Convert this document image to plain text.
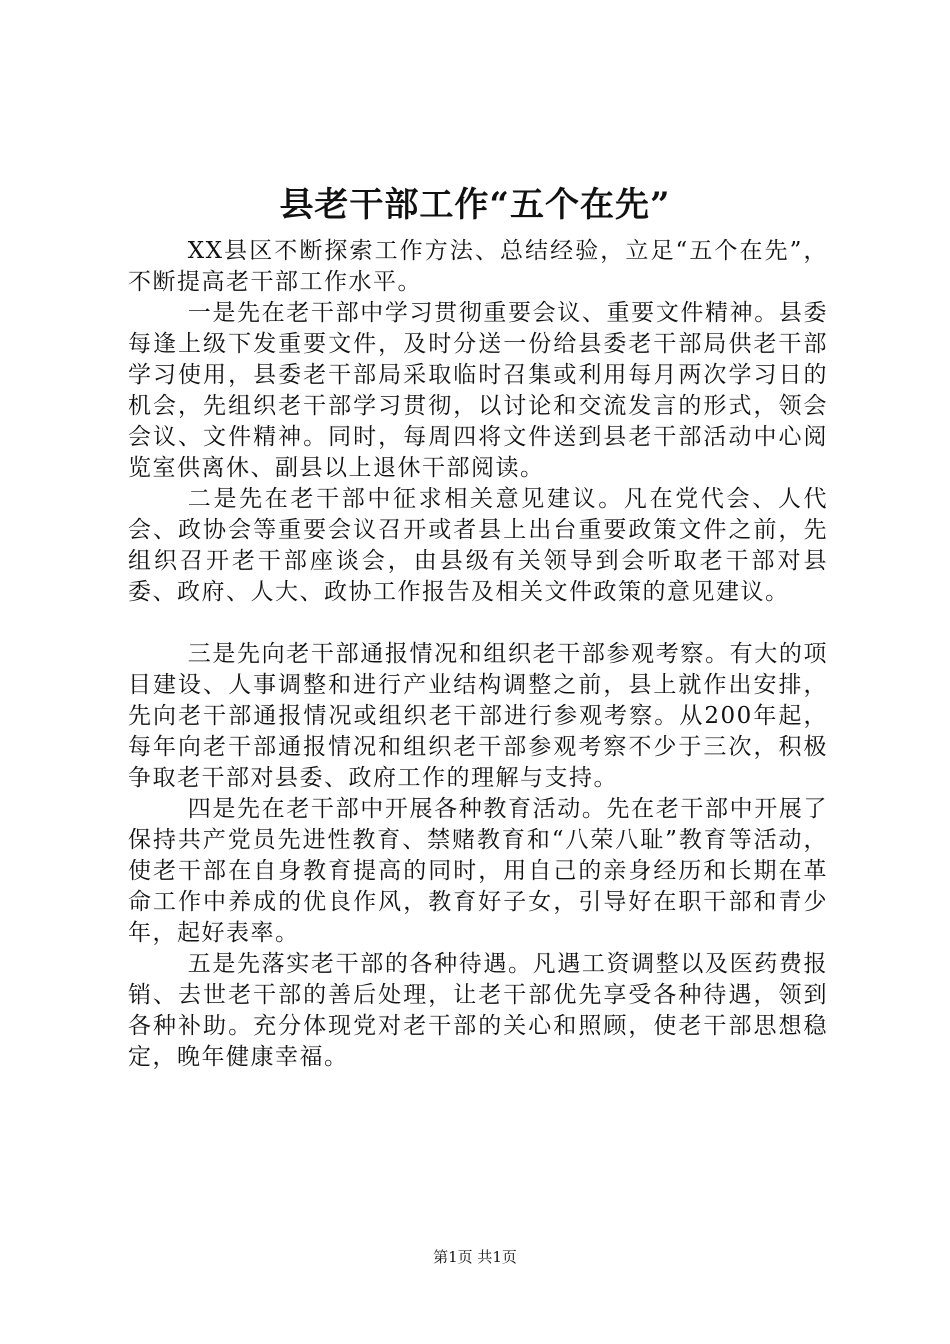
县老干部工作“五个在先”

XX县区不断探索工作方法、总结经验，立足“五个在先”，不断提高老干部工作水平。

一是先在老干部中学习贯彻重要会议、重要文件精神。县委每逢上级下发重要文件，及时分送一份给县委老干部局供老干部学习使用，县委老干部局采取临时召集或利用每月两次学习日的机会，先组织老干部学习贯彻，以讨论和交流发言的形式，领会会议、文件精神。同时，每周四将文件送到县老干部活动中心阅览室供离休、副县以上退休干部阅读。

二是先在老干部中征求相关意见建议。凡在党代会、人代会、政协会等重要会议召开或者县上出台重要政策文件之前，先组织召开老干部座谈会，由县级有关领导到会听取老干部对县委、政府、人大、政协工作报告及相关文件政策的意见建议。

三是先向老干部通报情况和组织老干部参观考察。有大的项目建设、人事调整和进行产业结构调整之前，县上就作出安排，先向老干部通报情况或组织老干部进行参观考察。从200年起，每年向老干部通报情况和组织老干部参观考察不少于三次，积极争取老干部对县委、政府工作的理解与支持。

四是先在老干部中开展各种教育活动。先在老干部中开展了保持共产党员先进性教育、禁赌教育和“八荣八耻”教育等活动，使老干部在自身教育提高的同时，用自己的亲身经历和长期在革命工作中养成的优良作风，教育好子女，引导好在职干部和青少年，起好表率。

五是先落实老干部的各种待遇。凡遇工资调整以及医药费报销、去世老干部的善后处理，让老干部优先享受各种待遇，领到各种补助。充分体现党对老干部的关心和照顾，使老干部思想稳定，晚年健康幸福。

第1页 共1页
